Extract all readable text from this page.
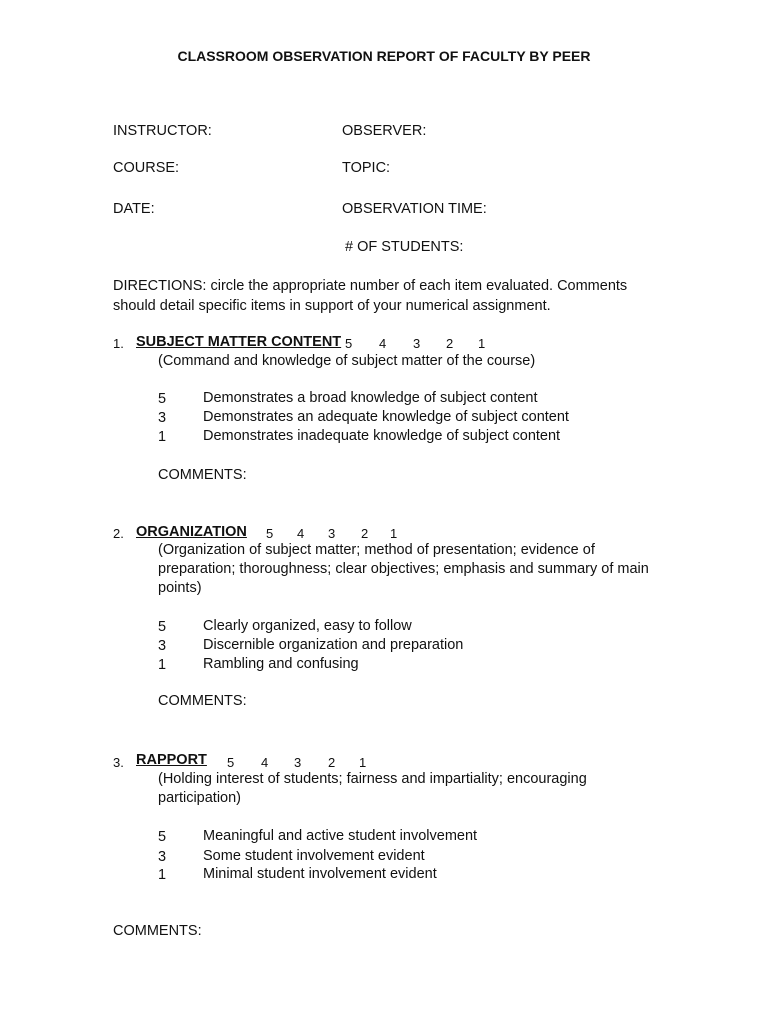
CLASSROOM OBSERVATION REPORT OF FACULTY BY PEER
INSTRUCTOR:	OBSERVER:
COURSE:	TOPIC:
DATE:	OBSERVATION TIME:
# OF STUDENTS:
DIRECTIONS: circle the appropriate number of each item evaluated. Comments should detail specific items in support of your numerical assignment.
1. SUBJECT MATTER CONTENT 5 4 3 2 1
(Command and knowledge of subject matter of the course)
5	Demonstrates a broad knowledge of subject content
3	Demonstrates an adequate knowledge of subject content
1	Demonstrates inadequate knowledge of subject content
COMMENTS:
2. ORGANIZATION 5 4 3 2 1
(Organization of subject matter; method of presentation; evidence of preparation; thoroughness; clear objectives; emphasis and summary of main points)
5	Clearly organized, easy to follow
3	Discernible organization and preparation
1	Rambling and confusing
COMMENTS:
3. RAPPORT 5 4 3 2 1
(Holding interest of students; fairness and impartiality; encouraging participation)
5	Meaningful and active student involvement
3	Some student involvement evident
1	Minimal student involvement evident
COMMENTS:
